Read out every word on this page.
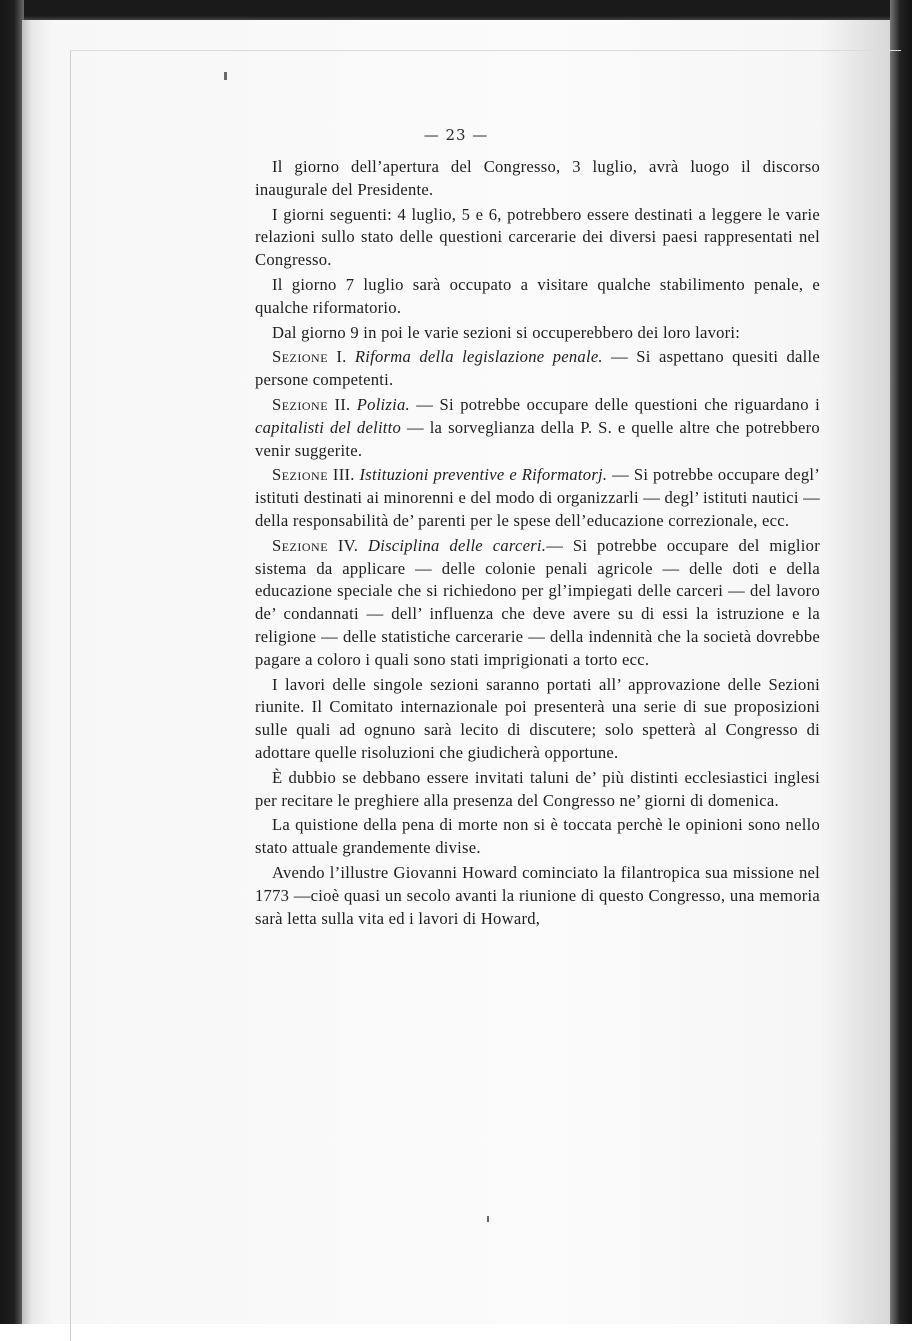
— 23 —

Il giorno dell’apertura del Congresso, 3 luglio, avrà luogo il discorso inaugurale del Presidente.

I giorni seguenti: 4 luglio, 5 e 6, potrebbero essere destinati a leggere le varie relazioni sullo stato delle questioni carcerarie dei diversi paesi rappresentati nel Congresso.

Il giorno 7 luglio sarà occupato a visitare qualche stabilimento penale, e qualche riformatorio.

Dal giorno 9 in poi le varie sezioni si occuperebbero dei loro lavori:

Sezione I. Riforma della legislazione penale. — Si aspettano quesiti dalle persone competenti.

Sezione II. Polizia. — Si potrebbe occupare delle questioni che riguardano i capitalisti del delitto — la sorveglianza della P. S. e quelle altre che potrebbero venir suggerite.

Sezione III. Istituzioni preventive e Riformatorj. — Si potrebbe occupare degl’ istituti destinati ai minorenni e del modo di organizzarli — degl’ istituti nautici — della responsabilità de’ parenti per le spese dell’educazione correzionale, ecc.

Sezione IV. Disciplina delle carceri.— Si potrebbe occupare del miglior sistema da applicare — delle colonie penali agricole — delle doti e della educazione speciale che si richiedono per gl’impiegati delle carceri — del lavoro de’ condannati — dell’ influenza che deve avere su di essi la istruzione e la religione — delle statistiche carcerarie — della indennità che la società dovrebbe pagare a coloro i quali sono stati imprigionati a torto ecc.

I lavori delle singole sezioni saranno portati all’ approvazione delle Sezioni riunite. Il Comitato internazionale poi presenterà una serie di sue proposizioni sulle quali ad ognuno sarà lecito di discutere; solo spetterà al Congresso di adottare quelle risoluzioni che giudicherà opportune.

È dubbio se debbano essere invitati taluni de’ più distinti ecclesiastici inglesi per recitare le preghiere alla presenza del Congresso ne’ giorni di domenica.

La quistione della pena di morte non si è toccata perchè le opinioni sono nello stato attuale grandemente divise.

Avendo l’illustre Giovanni Howard cominciato la filantropica sua missione nel 1773 —cioè quasi un secolo avanti la riunione di questo Congresso, una memoria sarà letta sulla vita ed i lavori di Howard,
